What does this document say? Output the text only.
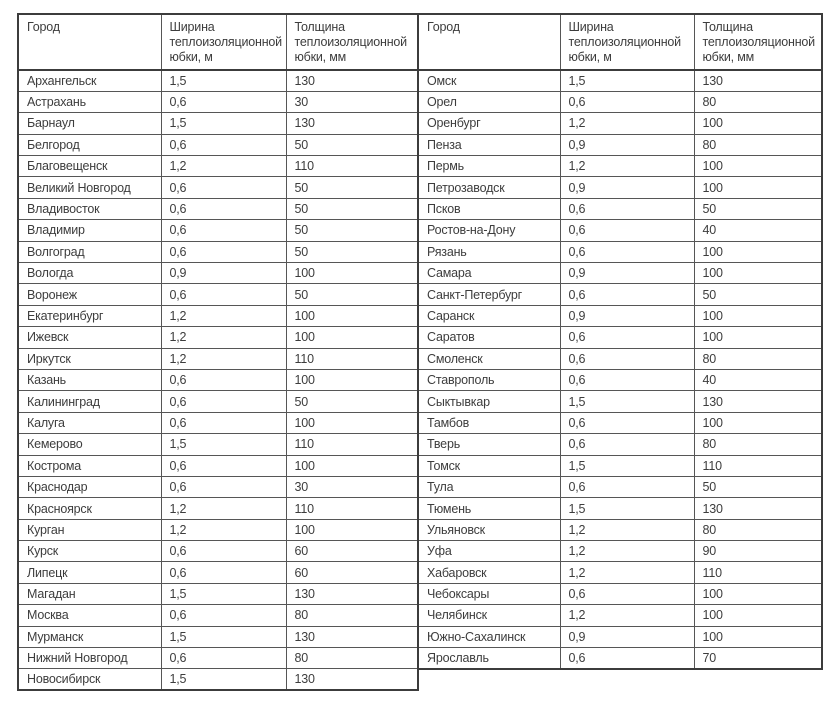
Город	Ширина теплоизоляционной юбки, м	Толщина теплоизоляционной юбки, мм
Архангельск	1,5	130
Астрахань	0,6	30
Барнаул	1,5	130
Белгород	0,6	50
Благовещенск	1,2	110
Великий Новгород	0,6	50
Владивосток	0,6	50
Владимир	0,6	50
Волгоград	0,6	50
Вологда	0,9	100
Воронеж	0,6	50
Екатеринбург	1,2	100
Ижевск	1,2	100
Иркутск	1,2	110
Казань	0,6	100
Калининград	0,6	50
Калуга	0,6	100
Кемерово	1,5	110
Кострома	0,6	100
Краснодар	0,6	30
Красноярск	1,2	110
Курган	1,2	100
Курск	0,6	60
Липецк	0,6	60
Магадан	1,5	130
Москва	0,6	80
Мурманск	1,5	130
Нижний Новгород	0,6	80
Новосибирск	1,5	130
Город	Ширина теплоизоляционной юбки, м	Толщина теплоизоляционной юбки, мм
Омск	1,5	130
Орел	0,6	80
Оренбург	1,2	100
Пенза	0,9	80
Пермь	1,2	100
Петрозаводск	0,9	100
Псков	0,6	50
Ростов-на-Дону	0,6	40
Рязань	0,6	100
Самара	0,9	100
Санкт-Петербург	0,6	50
Саранск	0,9	100
Саратов	0,6	100
Смоленск	0,6	80
Ставрополь	0,6	40
Сыктывкар	1,5	130
Тамбов	0,6	100
Тверь	0,6	80
Томск	1,5	110
Тула	0,6	50
Тюмень	1,5	130
Ульяновск	1,2	80
Уфа	1,2	90
Хабаровск	1,2	110
Чебоксары	0,6	100
Челябинск	1,2	100
Южно-Сахалинск	0,9	100
Ярославль	0,6	70
